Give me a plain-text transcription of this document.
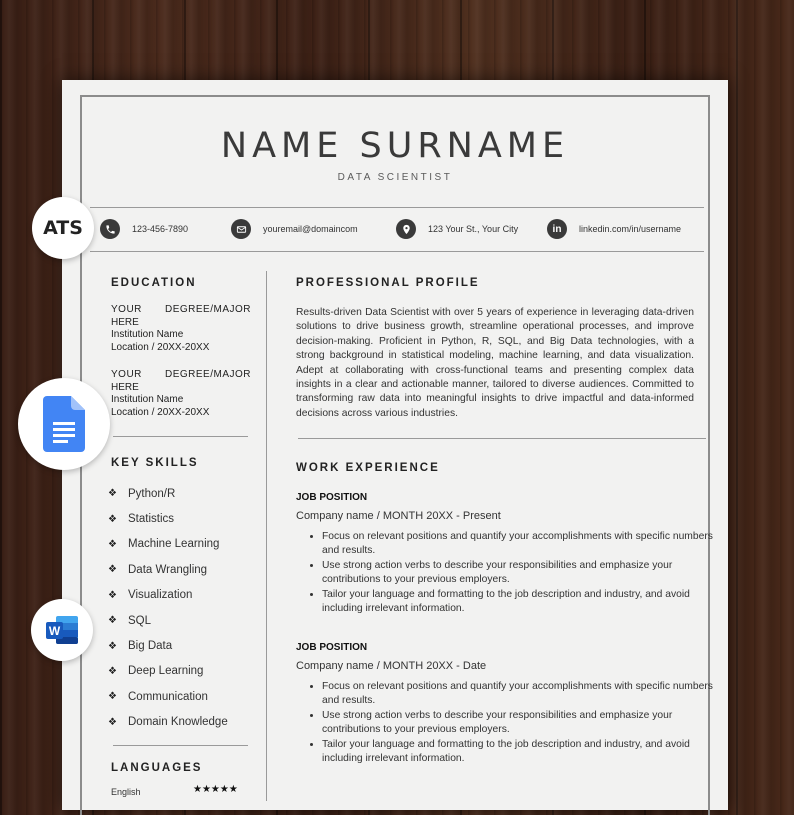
NAME SURNAME
DATA SCIENTIST
123-456-7890	youremail@domaincom	123 Your St., Your City	in	linkedin.com/in/username
ATS
W
EDUCATION
YOUR DEGREE/MAJOR
HERE
Institution Name
Location / 20XX-20XX
YOUR DEGREE/MAJOR
HERE
Institution Name
Location / 20XX-20XX
KEY SKILLS
❖ Python/R
❖ Statistics
❖ Machine Learning
❖ Data Wrangling
❖ Visualization
❖ SQL
❖ Big Data
❖ Deep Learning
❖ Communication
❖ Domain Knowledge
LANGUAGES
English	★★★★★
PROFESSIONAL PROFILE
Results-driven Data Scientist with over 5 years of experience in leveraging data-driven solutions to drive business growth, streamline operational processes, and improve decision-making. Proficient in Python, R, SQL, and Big Data technologies, with a strong background in statistical modeling, machine learning, and data visualization. Adept at collaborating with cross-functional teams and presenting complex data insights in a clear and actionable manner, tailored to diverse audiences. Committed to transforming raw data into meaningful insights to drive impactful and data-informed decisions across various industries.
WORK EXPERIENCE
JOB POSITION
Company name / MONTH 20XX - Present
• Focus on relevant positions and quantify your accomplishments with specific numbers and results.
• Use strong action verbs to describe your responsibilities and emphasize your contributions to your previous employers.
• Tailor your language and formatting to the job description and industry, and avoid including irrelevant information.
JOB POSITION
Company name / MONTH 20XX - Date
• Focus on relevant positions and quantify your accomplishments with specific numbers and results.
• Use strong action verbs to describe your responsibilities and emphasize your contributions to your previous employers.
• Tailor your language and formatting to the job description and industry, and avoid including irrelevant information.
